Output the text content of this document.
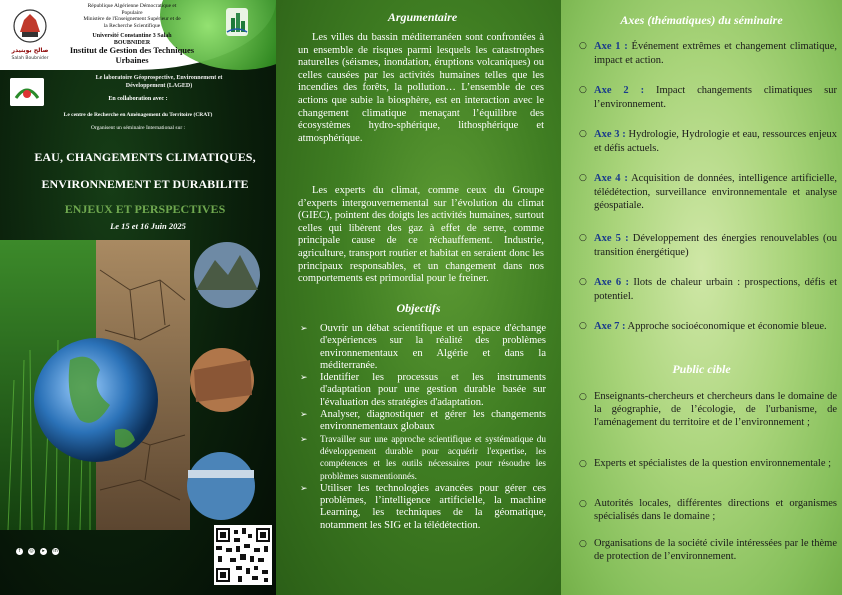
صالح بوبنيدر
Salah Boubnider
République Algérienne Démocratique et
Populaire
Ministère de l'Enseignement Supérieur et de
la Recherche Scientifique
Université Constantine 3 Salah
BOUBNIDER
Institut de Gestion des Techniques
Urbaines
Le laboratoire Géoprospective, Environnement et
Développement (LAGED)
En collaboration avec :
Le centre de Recherche en Aménagement du Territoire (CRAT)
Organisent un séminaire International sur :
EAU, CHANGEMENTS CLIMATIQUES,
ENVIRONNEMENT ET DURABILITE
ENJEUX ET PERSPECTIVES
Le 15 et 16 Juin 2025
f	◎	▸	in
Argumentaire

Les villes du bassin méditerranéen sont confrontées à un ensemble de risques parmi lesquels les catastrophes naturelles (séismes, inondation, éruptions volcaniques) ou celles causées par les activités humaines telles que les incendies des forêts, la pollution… L’ensemble de ces actions que subie la biosphère, est en interaction avec le changement climatique menaçant l’équilibre des écosystèmes hydro-sphérique, lithosphérique et atmosphérique.

Les experts du climat, comme ceux du Groupe d’experts intergouvernemental sur l’évolution du climat (GIEC), pointent des doigts les activités humaines, surtout celles qui libèrent des gaz à effet de serre, comme principale cause de ce réchauffement. Industrie, agriculture, transport routier et habitat en seraient donc les principaux responsables, et un changement dans nos comportements est primordial pour le freiner.

Objectifs
➢ Ouvrir un débat scientifique et un espace d'échange d'expériences sur la réalité des problèmes environnementaux en Algérie et dans la méditerranée.
➢ Identifier les processus et les instruments d'adaptation pour une gestion durable basée sur l'évaluation des stratégies d'adaptation.
➢ Analyser, diagnostiquer et gérer les changements environnementaux globaux
➢ Travailler sur une approche scientifique et systématique du développement durable pour acquérir l'expertise, les compétences et les outils nécessaires pour résoudre les problèmes susmentionnés.
➢ Utiliser les technologies avancées pour gérer ces problèmes, l’intelligence artificielle, la machine Learning, les techniques de la géomatique, notamment les SIG et la télédétection.
Axes (thématiques) du séminaire
○ Axe 1 : Événement extrêmes et changement climatique, impact et action.
○ Axe 2 : Impact changements climatiques sur l’environnement.
○ Axe 3 : Hydrologie, Hydrologie et eau, ressources enjeux et défis actuels.
○ Axe 4 : Acquisition de données, intelligence artificielle, télédétection, surveillance environnementale et analyse géospatiale.
○ Axe 5 : Développement des énergies renouvelables (ou transition énergétique)
○ Axe 6 : Ilots de chaleur urbain : prospections, défis et potentiel.
○ Axe 7 : Approche socioéconomique et économie bleue.
Public cible
○ Enseignants-chercheurs et chercheurs dans le domaine de la géographie, de l’écologie, de l'urbanisme, de l'aménagement du territoire et de l’environnement ;
○ Experts et spécialistes de la question environnementale ;
○ Autorités locales, différentes directions et organismes spécialisés dans le domaine ;
○ Organisations de la société civile intéressées par le thème de protection de l’environnement.
